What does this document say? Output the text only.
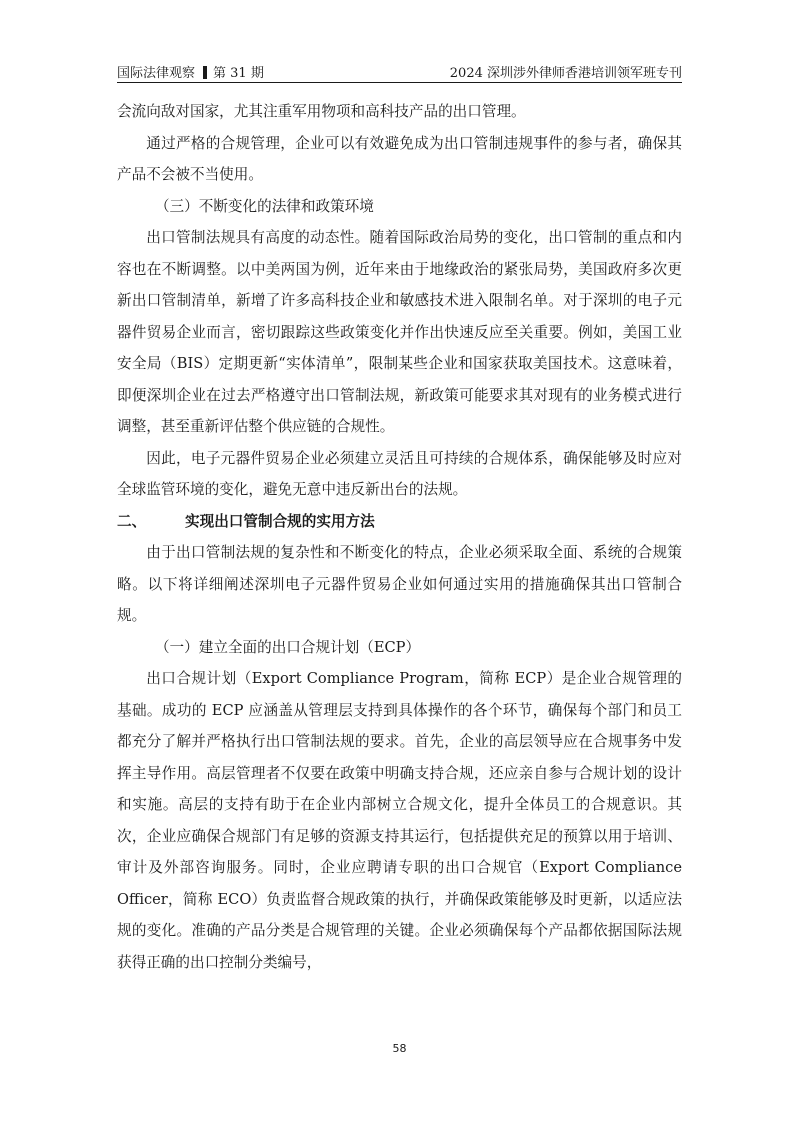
国际法律观察 第 31 期	2024 深圳涉外律师香港培训领军班专刊

会流向敌对国家，尤其注重军用物项和高科技产品的出口管理。

通过严格的合规管理，企业可以有效避免成为出口管制违规事件的参与者，确保其产品不会被不当使用。

（三）不断变化的法律和政策环境

出口管制法规具有高度的动态性。随着国际政治局势的变化，出口管制的重点和内容也在不断调整。以中美两国为例，近年来由于地缘政治的紧张局势，美国政府多次更新出口管制清单，新增了许多高科技企业和敏感技术进入限制名单。对于深圳的电子元器件贸易企业而言，密切跟踪这些政策变化并作出快速反应至关重要。例如，美国工业安全局（BIS）定期更新“实体清单”，限制某些企业和国家获取美国技术。这意味着，即便深圳企业在过去严格遵守出口管制法规，新政策可能要求其对现有的业务模式进行调整，甚至重新评估整个供应链的合规性。

因此，电子元器件贸易企业必须建立灵活且可持续的合规体系，确保能够及时应对全球监管环境的变化，避免无意中违反新出台的法规。

二、	实现出口管制合规的实用方法

由于出口管制法规的复杂性和不断变化的特点，企业必须采取全面、系统的合规策略。以下将详细阐述深圳电子元器件贸易企业如何通过实用的措施确保其出口管制合规。

（一）建立全面的出口合规计划（ECP）

出口合规计划（Export Compliance Program，简称 ECP）是企业合规管理的基础。成功的 ECP 应涵盖从管理层支持到具体操作的各个环节，确保每个部门和员工都充分了解并严格执行出口管制法规的要求。首先，企业的高层领导应在合规事务中发挥主导作用。高层管理者不仅要在政策中明确支持合规，还应亲自参与合规计划的设计和实施。高层的支持有助于在企业内部树立合规文化，提升全体员工的合规意识。其次，企业应确保合规部门有足够的资源支持其运行，包括提供充足的预算以用于培训、审计及外部咨询服务。同时，企业应聘请专职的出口合规官（Export Compliance Officer，简称 ECO）负责监督合规政策的执行，并确保政策能够及时更新，以适应法规的变化。准确的产品分类是合规管理的关键。企业必须确保每个产品都依据国际法规获得正确的出口控制分类编号，

58
